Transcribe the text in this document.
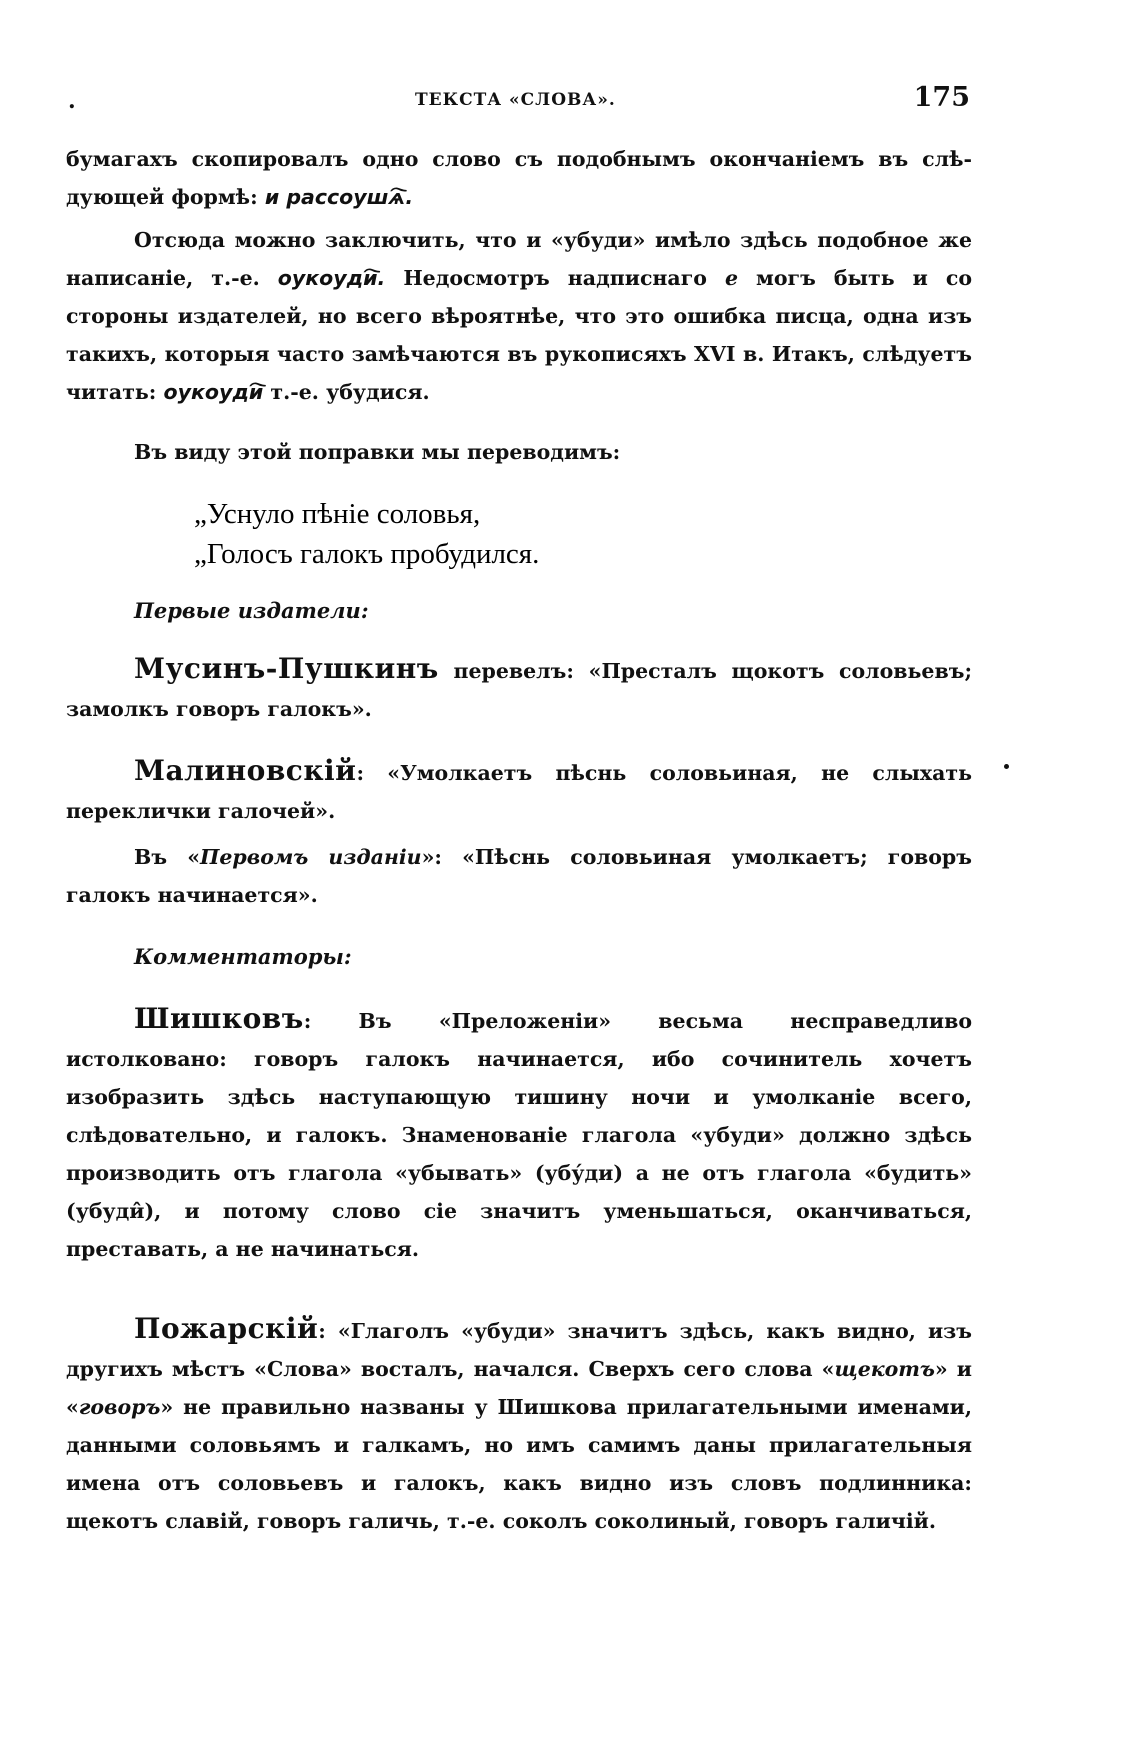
.	ТЕКСТА «СЛОВА».	175
бумагахъ скопировалъ одно слово съ подобнымъ окончаніемъ въ слѣ-дующей формѣ: и рассоушѧ҇.
Отсюда можно заключить, что и «убуди» имѣло здѣсь подобное же написаніе, т.-е. оукоуди҇. Недосмотръ надписнаго е могъ быть и со стороны издателей, но всего вѣроятнѣе, что это ошибка писца, одна изъ такихъ, которыя часто замѣчаются въ рукописяхъ XVI в. Итакъ, слѣдуетъ читать: оукоуди҇ т.-е. убудися.
Въ виду этой поправки мы переводимъ:
„Уснуло пѣніе соловья,
„Голосъ галокъ пробудился.
Первые издатели:
Мусинъ-Пушкинъ перевелъ: «Престалъ щокотъ соловьевъ; замолкъ говоръ галокъ».
Малиновскій: «Умолкаетъ пѣснь соловьиная, не слыхать переклички галочей».
Въ «Первомъ изданіи»: «Пѣснь соловьиная умолкаетъ; говоръ галокъ начинается».
Комментаторы:
Шишковъ: Въ «Преложеніи» весьма несправедливо истолковано: говоръ галокъ начинается, ибо сочинитель хочетъ изобразить здѣсь наступающую тишину ночи и умолканіе всего, слѣдовательно, и галокъ. Знаменованіе глагола «убуди» должно здѣсь производить отъ глагола «убывать» (убу́ди) а не отъ глагола «будить» (убуди̂), и потому слово сіе значитъ уменьшаться, оканчиваться, преставать, а не начинаться.
Пожарскій: «Глаголъ «убуди» значитъ здѣсь, какъ видно, изъ другихъ мѣстъ «Слова» восталъ, начался. Сверхъ сего слова «щекотъ» и «говоръ» не правильно названы у Шишкова прилагательными именами, данными соловьямъ и галкамъ, но имъ самимъ даны прилагательныя имена отъ соловьевъ и галокъ, какъ видно изъ словъ подлинника: щекотъ славій, говоръ галичь, т.-е. соколъ соколиный, говоръ галичій.
